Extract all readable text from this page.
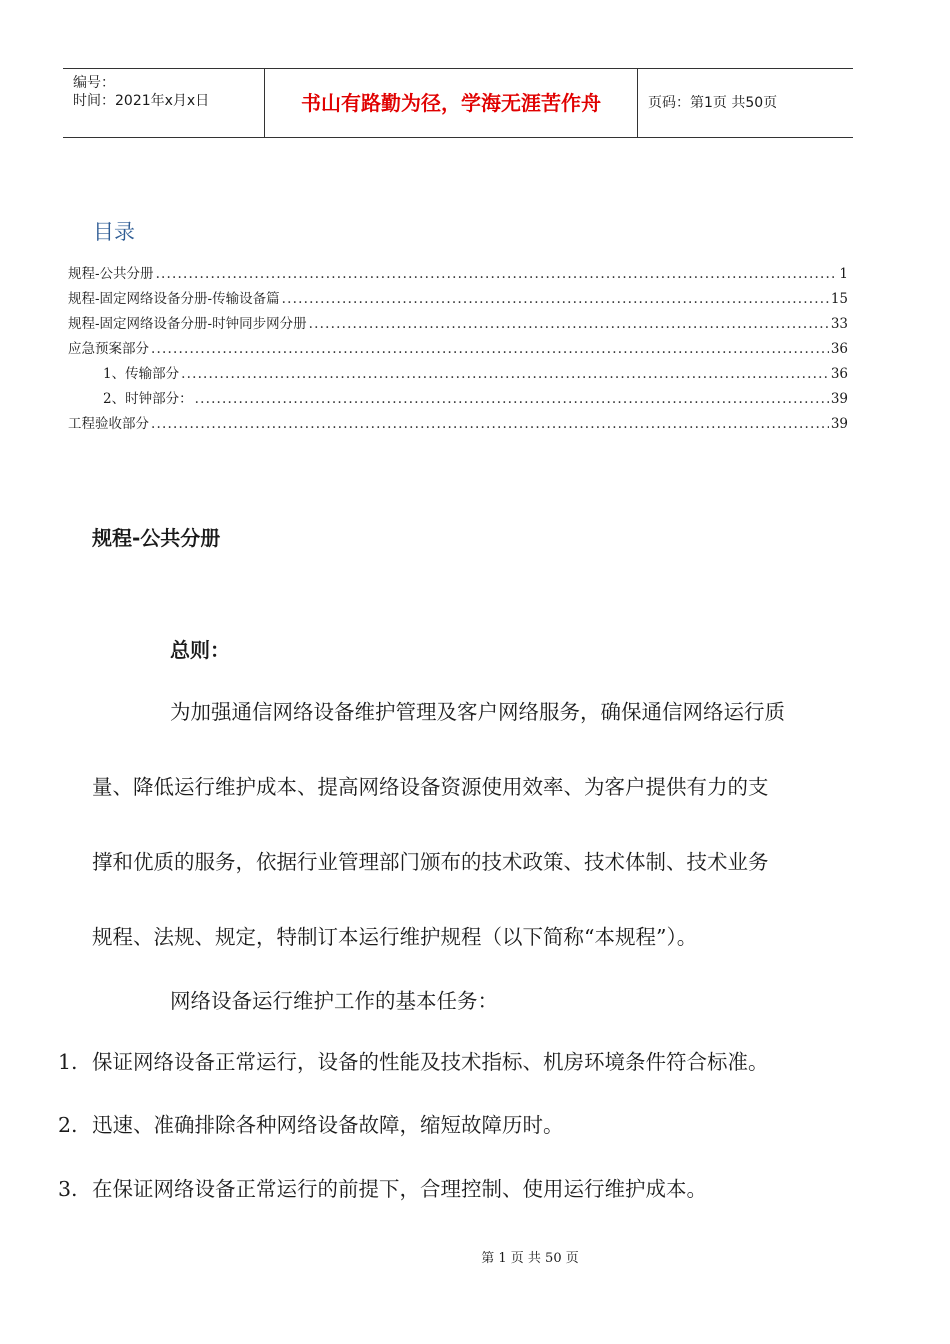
编号：
时间：2021年x月x日	书山有路勤为径，学海无涯苦作舟	页码：第1页 共50页
目录
规程-公共分册 .....	1
规程-固定网络设备分册-传输设备篇 .....	15
规程-固定网络设备分册-时钟同步网分册 .....	33
应急预案部分 .....	36
1、传输部分 .....	36
2、时钟部分： .....	39
工程验收部分 .....	39
规程-公共分册
总则：
为加强通信网络设备维护管理及客户网络服务，确保通信网络运行质
量、降低运行维护成本、提高网络设备资源使用效率、为客户提供有力的支
撑和优质的服务，依据行业管理部门颁布的技术政策、技术体制、技术业务
规程、法规、规定，特制订本运行维护规程（以下简称“本规程”）。
网络设备运行维护工作的基本任务：
1. 保证网络设备正常运行，设备的性能及技术指标、机房环境条件符合标准。
2. 迅速、准确排除各种网络设备故障，缩短故障历时。
3. 在保证网络设备正常运行的前提下，合理控制、使用运行维护成本。
第 1 页 共 50 页
